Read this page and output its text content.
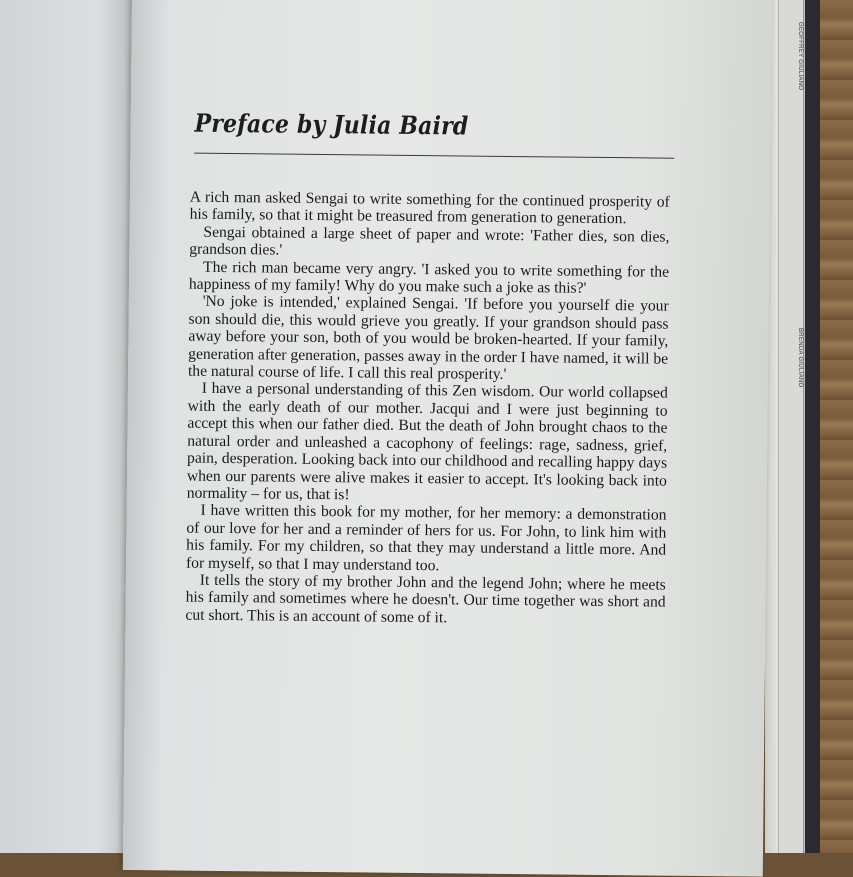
GEOFFREY GIULIANO
BRENDA GIULIANO
Preface by Julia Baird

A rich man asked Sengai to write something for the continued prosperity of his family, so that it might be treasured from generation to generation.

Sengai obtained a large sheet of paper and wrote: 'Father dies, son dies, grandson dies.'

The rich man became very angry. 'I asked you to write something for the happiness of my family! Why do you make such a joke as this?'

'No joke is intended,' explained Sengai. 'If before you yourself die your son should die, this would grieve you greatly. If your grandson should pass away before your son, both of you would be broken-hearted. If your family, generation after generation, passes away in the order I have named, it will be the natural course of life. I call this real prosperity.'

I have a personal understanding of this Zen wisdom. Our world collapsed with the early death of our mother. Jacqui and I were just beginning to accept this when our father died. But the death of John brought chaos to the natural order and unleashed a cacophony of feelings: rage, sadness, grief, pain, desperation. Looking back into our childhood and recalling happy days when our parents were alive makes it easier to accept. It's looking back into normality – for us, that is!

I have written this book for my mother, for her memory: a demonstration of our love for her and a reminder of hers for us. For John, to link him with his family. For my children, so that they may understand a little more. And for myself, so that I may understand too.

It tells the story of my brother John and the legend John; where he meets his family and sometimes where he doesn't. Our time together was short and cut short. This is an account of some of it.
